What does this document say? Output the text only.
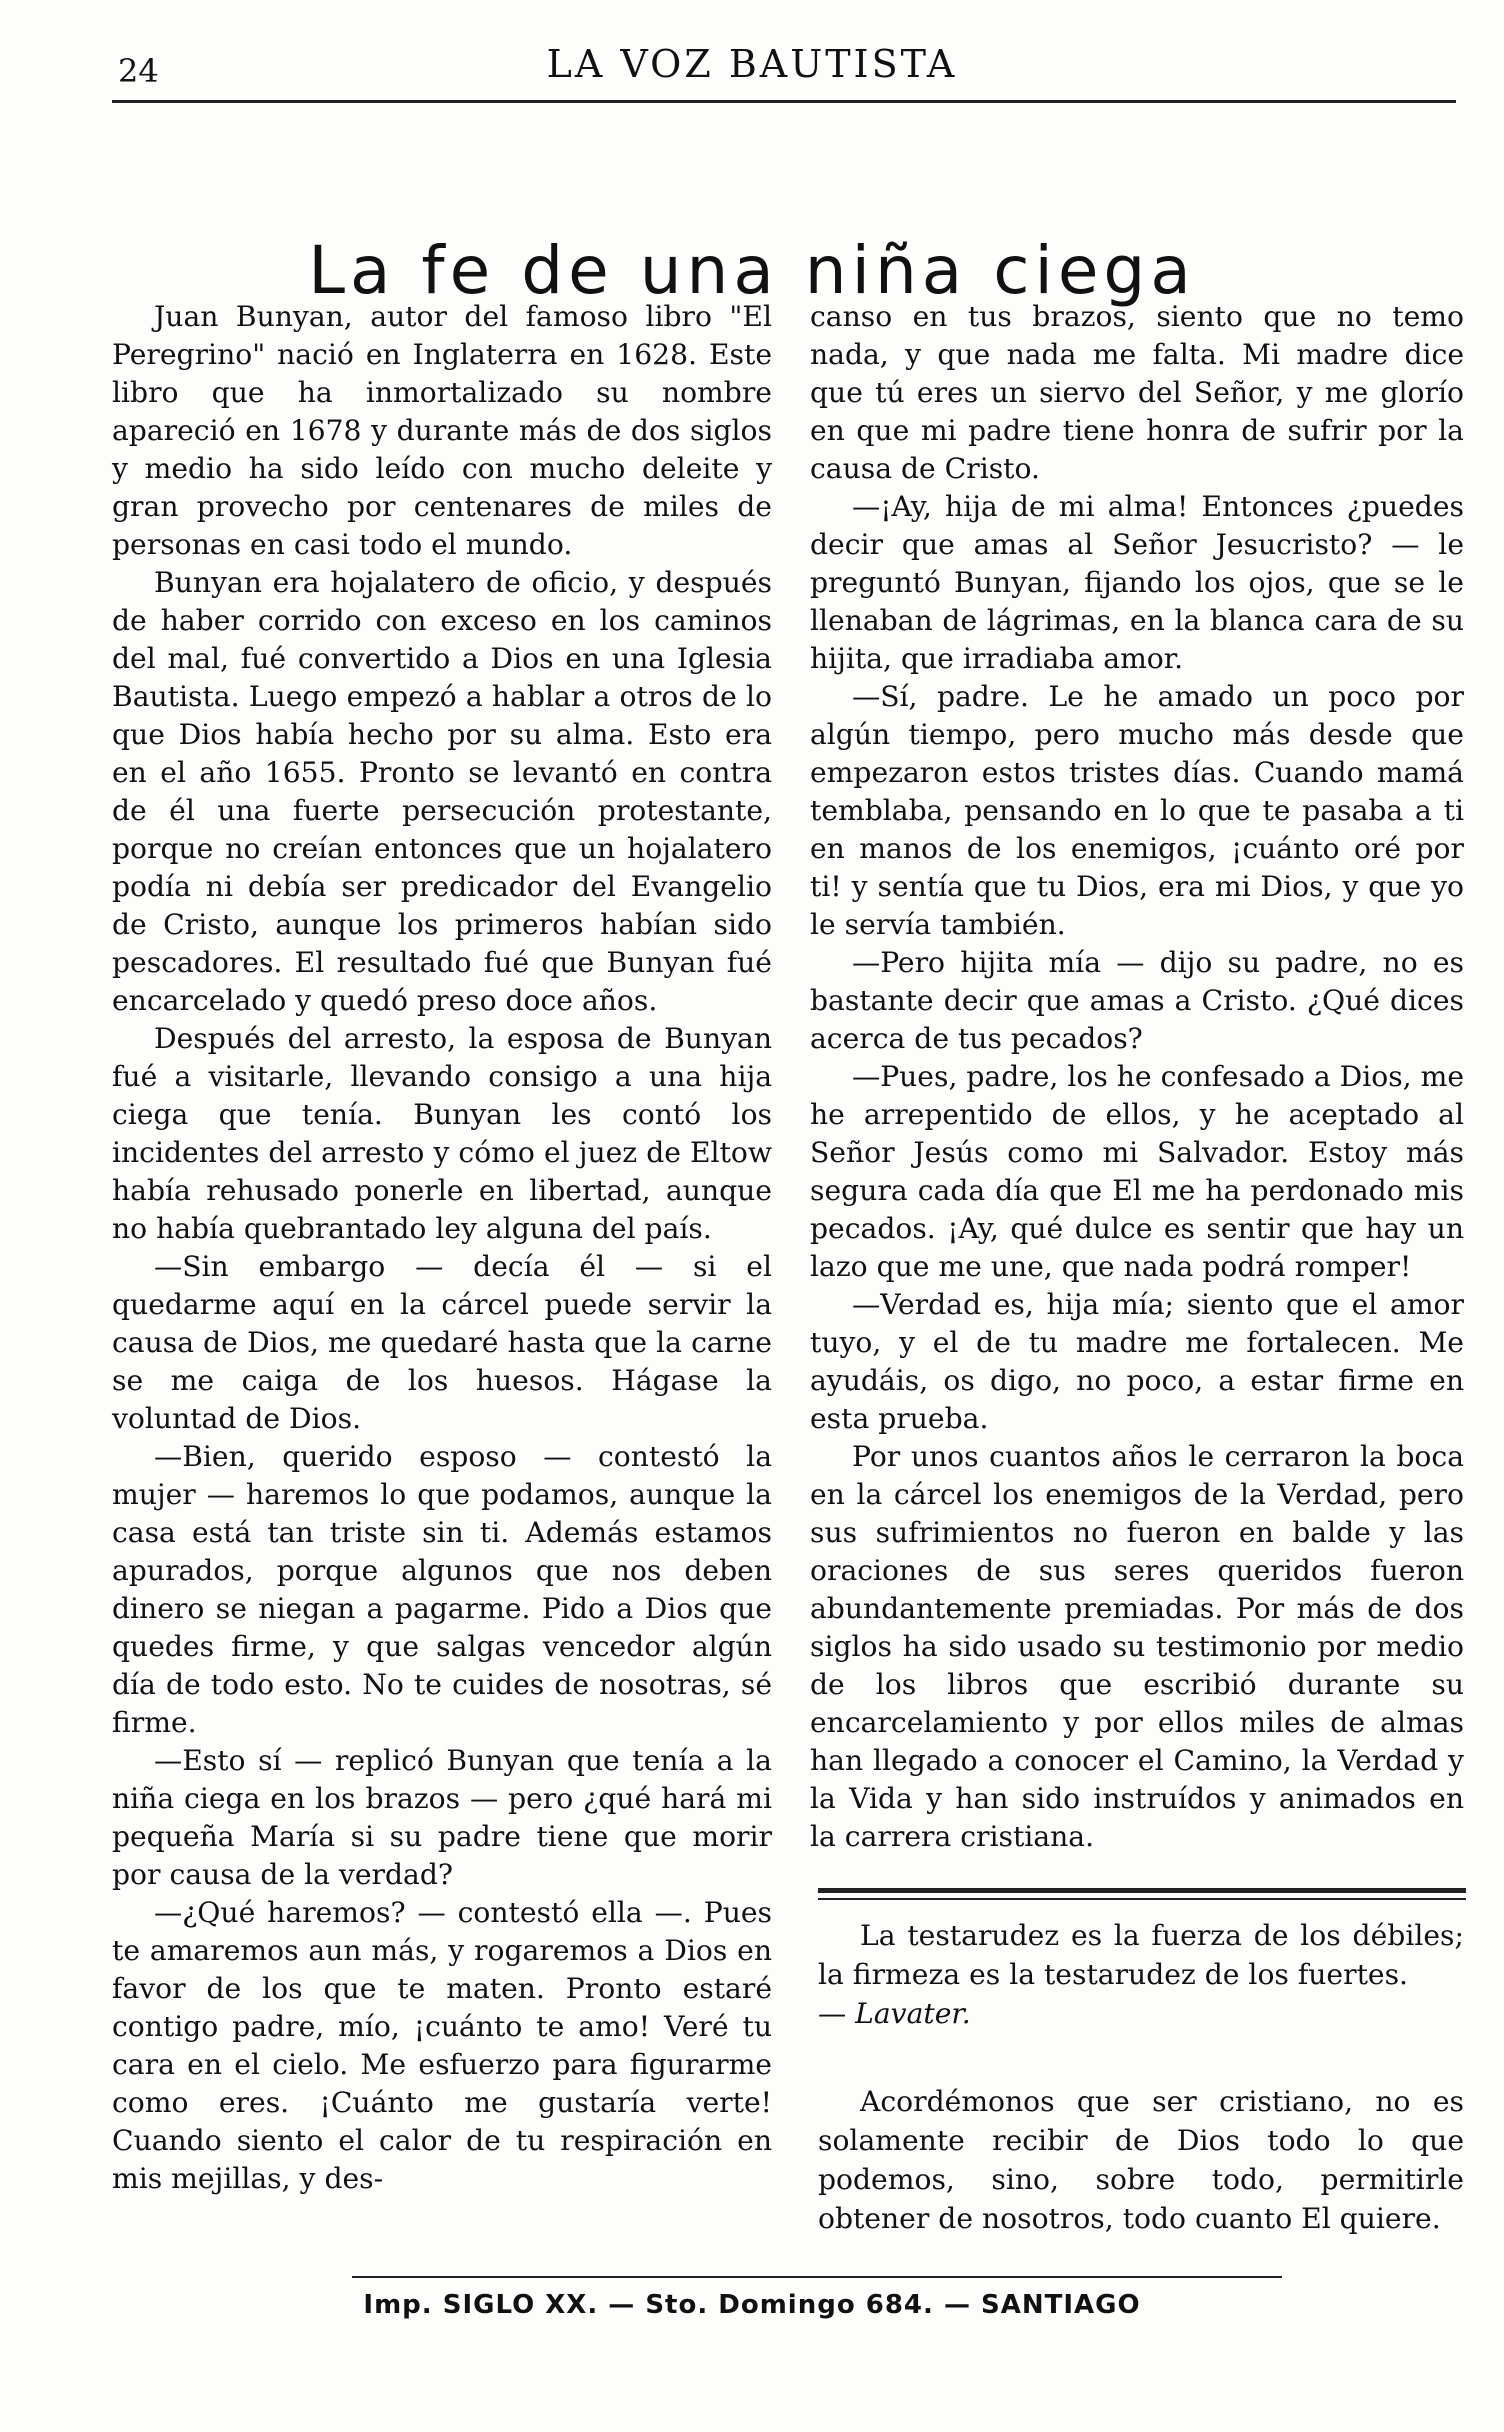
24	LA VOZ BAUTISTA
La fe de una niña ciega

Juan Bunyan, autor del famoso libro "El Peregrino" nació en Inglaterra en 1628. Este libro que ha inmortalizado su nombre apareció en 1678 y durante más de dos siglos y medio ha sido leído con mucho deleite y gran provecho por centenares de miles de personas en casi todo el mundo.

Bunyan era hojalatero de oficio, y después de haber corrido con exceso en los caminos del mal, fué convertido a Dios en una Iglesia Bautista. Luego empezó a hablar a otros de lo que Dios había hecho por su alma. Esto era en el año 1655. Pronto se levantó en contra de él una fuerte persecución protestante, porque no creían entonces que un hojalatero podía ni debía ser predicador del Evangelio de Cristo, aunque los primeros habían sido pescadores. El resultado fué que Bunyan fué encarcelado y quedó preso doce años.

Después del arresto, la esposa de Bunyan fué a visitarle, llevando consigo a una hija ciega que tenía. Bunyan les contó los incidentes del arresto y cómo el juez de Eltow había rehusado ponerle en libertad, aunque no había quebrantado ley alguna del país.

—Sin embargo — decía él — si el quedarme aquí en la cárcel puede servir la causa de Dios, me quedaré hasta que la carne se me caiga de los huesos. Hágase la voluntad de Dios.

—Bien, querido esposo — contestó la mujer — haremos lo que podamos, aunque la casa está tan triste sin ti. Además estamos apurados, porque algunos que nos deben dinero se niegan a pagarme. Pido a Dios que quedes firme, y que salgas vencedor algún día de todo esto. No te cuides de nosotras, sé firme.

—Esto sí — replicó Bunyan que tenía a la niña ciega en los brazos — pero ¿qué hará mi pequeña María si su padre tiene que morir por causa de la verdad?

—¿Qué haremos? — contestó ella —. Pues te amaremos aun más, y rogaremos a Dios en favor de los que te maten. Pronto estaré contigo padre, mío, ¡cuánto te amo! Veré tu cara en el cielo. Me esfuerzo para figurarme como eres. ¡Cuánto me gustaría verte! Cuando siento el calor de tu respiración en mis mejillas, y des-

canso en tus brazos, siento que no temo nada, y que nada me falta. Mi madre dice que tú eres un siervo del Señor, y me glorío en que mi padre tiene honra de sufrir por la causa de Cristo.

—¡Ay, hija de mi alma! Entonces ¿puedes decir que amas al Señor Jesucristo? — le preguntó Bunyan, fijando los ojos, que se le llenaban de lágrimas, en la blanca cara de su hijita, que irradiaba amor.

—Sí, padre. Le he amado un poco por algún tiempo, pero mucho más desde que empezaron estos tristes días. Cuando mamá temblaba, pensando en lo que te pasaba a ti en manos de los enemigos, ¡cuánto oré por ti! y sentía que tu Dios, era mi Dios, y que yo le servía también.

—Pero hijita mía — dijo su padre, no es bastante decir que amas a Cristo. ¿Qué dices acerca de tus pecados?

—Pues, padre, los he confesado a Dios, me he arrepentido de ellos, y he aceptado al Señor Jesús como mi Salvador. Estoy más segura cada día que El me ha perdonado mis pecados. ¡Ay, qué dulce es sentir que hay un lazo que me une, que nada podrá romper!

—Verdad es, hija mía; siento que el amor tuyo, y el de tu madre me fortalecen. Me ayudáis, os digo, no poco, a estar firme en esta prueba.

Por unos cuantos años le cerraron la boca en la cárcel los enemigos de la Verdad, pero sus sufrimientos no fueron en balde y las oraciones de sus seres queridos fueron abundantemente premiadas. Por más de dos siglos ha sido usado su testimonio por medio de los libros que escribió durante su encarcelamiento y por ellos miles de almas han llegado a conocer el Camino, la Verdad y la Vida y han sido instruídos y animados en la carrera cristiana.

La testarudez es la fuerza de los débiles; la firmeza es la testarudez de los fuertes.
— Lavater.

Acordémonos que ser cristiano, no es solamente recibir de Dios todo lo que podemos, sino, sobre todo, permitirle obtener de nosotros, todo cuanto El quiere.

Imp. SIGLO XX. — Sto. Domingo 684. — SANTIAGO
